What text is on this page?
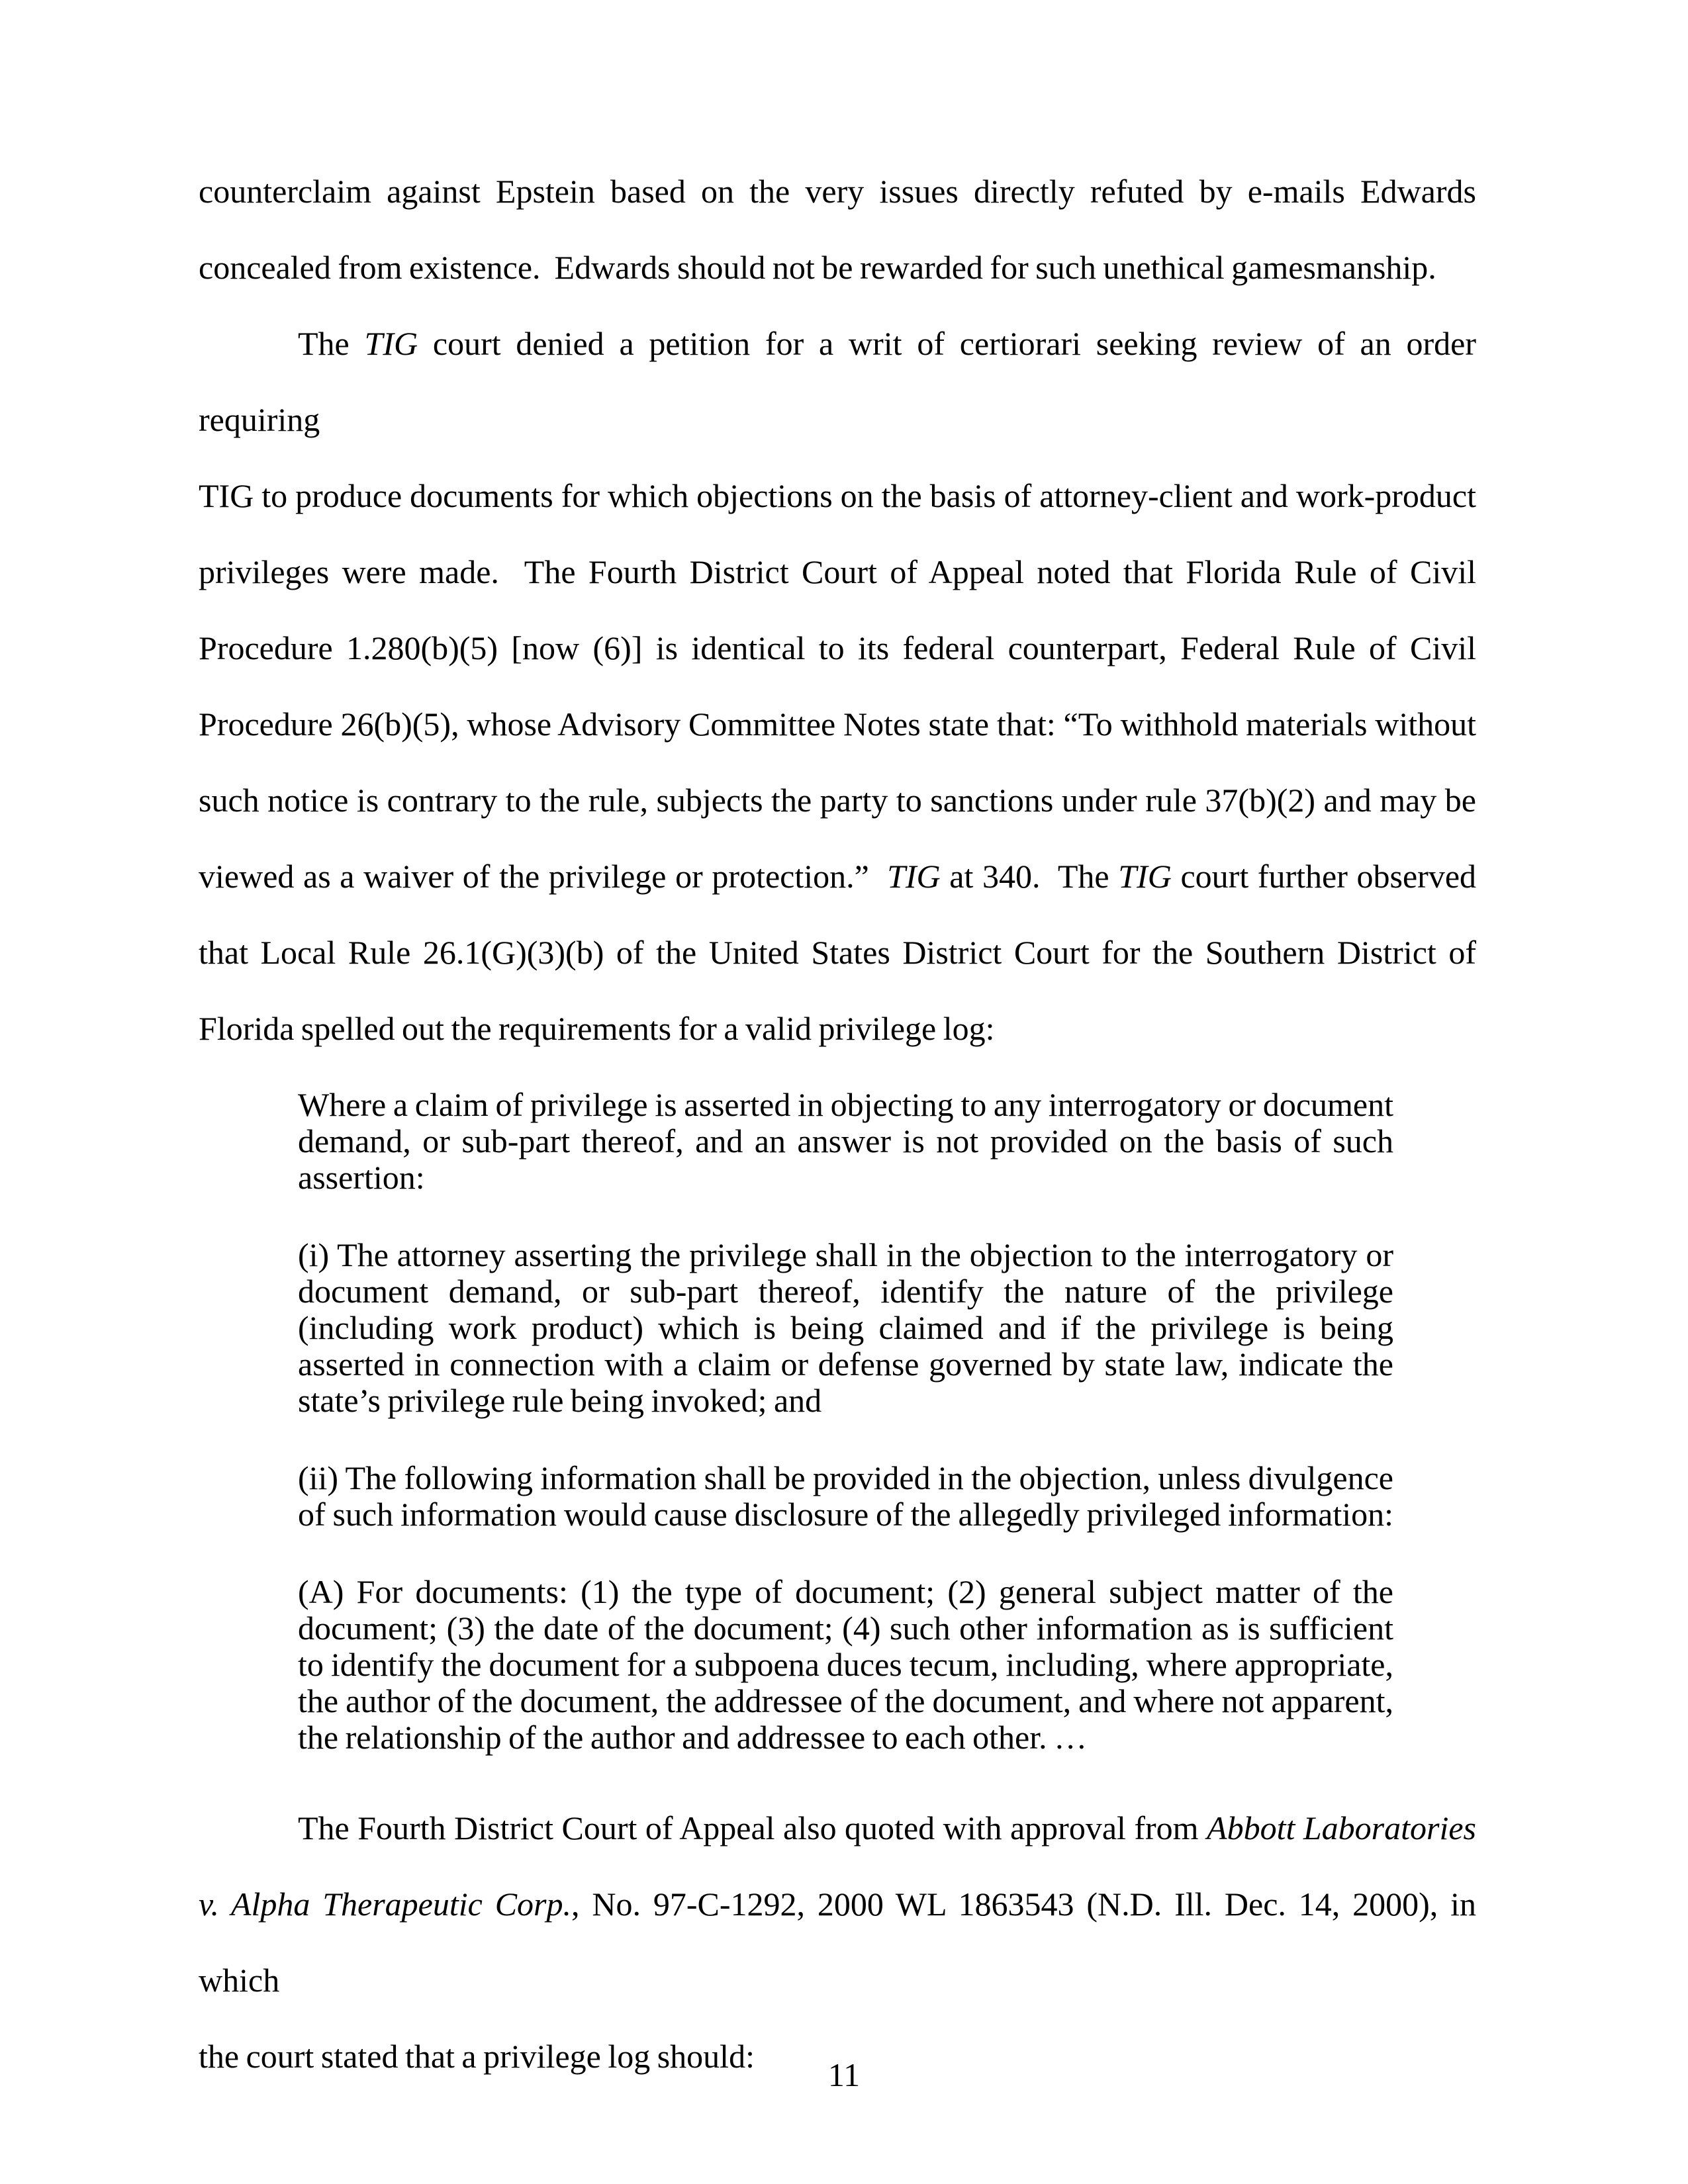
counterclaim against Epstein based on the very issues directly refuted by e-mails Edwards
concealed from existence.  Edwards should not be rewarded for such unethical gamesmanship.
The TIG court denied a petition for a writ of certiorari seeking review of an order requiring
TIG to produce documents for which objections on the basis of attorney-client and work-product
privileges were made.  The Fourth District Court of Appeal noted that Florida Rule of Civil
Procedure 1.280(b)(5) [now (6)] is identical to its federal counterpart, Federal Rule of Civil
Procedure 26(b)(5), whose Advisory Committee Notes state that: “To withhold materials without
such notice is contrary to the rule, subjects the party to sanctions under rule 37(b)(2) and may be
viewed as a waiver of the privilege or protection.”  TIG at 340.  The TIG court further observed
that Local Rule 26.1(G)(3)(b) of the United States District Court for the Southern District of
Florida spelled out the requirements for a valid privilege log:
Where a claim of privilege is asserted in objecting to any interrogatory or document
demand, or sub-part thereof, and an answer is not provided on the basis of such
assertion:
(i) The attorney asserting the privilege shall in the objection to the interrogatory or
document demand, or sub-part thereof, identify the nature of the privilege
(including work product) which is being claimed and if the privilege is being
asserted in connection with a claim or defense governed by state law, indicate the
state’s privilege rule being invoked; and
(ii) The following information shall be provided in the objection, unless divulgence
of such information would cause disclosure of the allegedly privileged information:
(A) For documents: (1) the type of document; (2) general subject matter of the
document; (3) the date of the document; (4) such other information as is sufficient
to identify the document for a subpoena duces tecum, including, where appropriate,
the author of the document, the addressee of the document, and where not apparent,
the relationship of the author and addressee to each other. …
The Fourth District Court of Appeal also quoted with approval from Abbott Laboratories
v. Alpha Therapeutic Corp., No. 97-C-1292, 2000 WL 1863543 (N.D. Ill. Dec. 14, 2000), in which
the court stated that a privilege log should:	11
